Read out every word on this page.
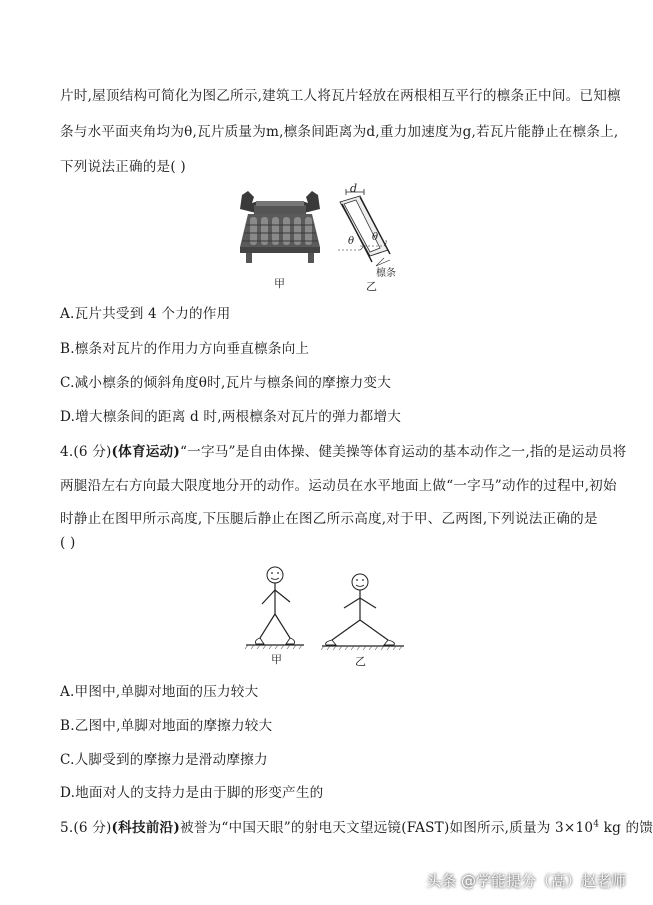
片时,屋顶结构可简化为图乙所示,建筑工人将瓦片轻放在两根相互平行的檩条正中间。已知檩
条与水平面夹角均为θ,瓦片质量为m,檩条间距离为d,重力加速度为g,若瓦片能静止在檩条上,
下列说法正确的是( )
甲
d
θ θ
檩条
乙
A.瓦片共受到 4 个力的作用
B.檩条对瓦片的作用力方向垂直檩条向上
C.减小檩条的倾斜角度θ时,瓦片与檩条间的摩擦力变大
D.增大檩条间的距离 d 时,两根檩条对瓦片的弹力都增大
4.(6 分)(体育运动)“一字马”是自由体操、健美操等体育运动的基本动作之一,指的是运动员将
两腿沿左右方向最大限度地分开的动作。运动员在水平地面上做“一字马”动作的过程中,初始
时静止在图甲所示高度,下压腿后静止在图乙所示高度,对于甲、乙两图,下列说法正确的是
( )
甲	乙
A.甲图中,单脚对地面的压力较大
B.乙图中,单脚对地面的摩擦力较大
C.人脚受到的摩擦力是滑动摩擦力
D.地面对人的支持力是由于脚的形变产生的
5.(6 分)(科技前沿)被誉为“中国天眼”的射电天文望远镜(FAST)如图所示,质量为 $3\times 10^4$ kg 的馈
头条 @学能提分（高）赵老师
